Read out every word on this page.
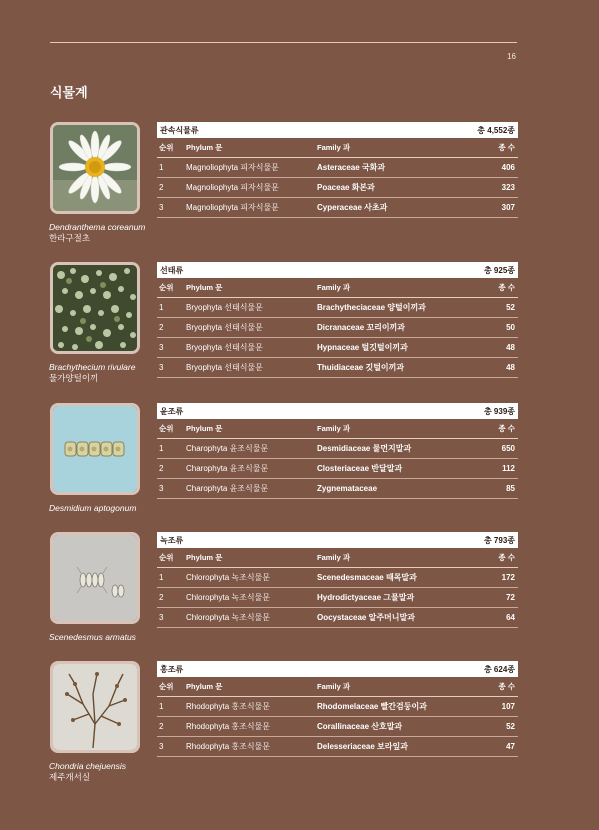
16
식물계
Dendranthema coreanum
한라구절초
관속식물류	총 4,552종
순위	Phylum 문	Family 과	종 수
1	Magnoliophyta 피자식물문	Asteraceae 국화과	406
2	Magnoliophyta 피자식물문	Poaceae 화본과	323
3	Magnoliophyta 피자식물문	Cyperaceae 사초과	307
Brachythecium rivulare
물가양털이끼
선태류	총 925종
순위	Phylum 문	Family 과	종 수
1	Bryophyta 선태식물문	Brachytheciaceae 양털이끼과	52
2	Bryophyta 선태식물문	Dicranaceae 꼬리이끼과	50
3	Bryophyta 선태식물문	Hypnaceae 털깃털이끼과	48
3	Bryophyta 선태식물문	Thuidiaceae 깃털이끼과	48
Desmidium aptogonum
윤조류	총 939종
순위	Phylum 문	Family 과	종 수
1	Charophyta 윤조식물문	Desmidiaceae 물먼지말과	650
2	Charophyta 윤조식물문	Closteriaceae 반달말과	112
3	Charophyta 윤조식물문	Zygnemataceae	85
Scenedesmus armatus
녹조류	총 793종
순위	Phylum 문	Family 과	종 수
1	Chlorophyta 녹조식물문	Scenedesmaceae 때목말과	172
2	Chlorophyta 녹조식물문	Hydrodictyaceae 그물말과	72
3	Chlorophyta 녹조식물문	Oocystaceae 알주머니말과	64
Chondria chejuensis
제주개서실
홍조류	총 624종
순위	Phylum 문	Family 과	종 수
1	Rhodophyta 홍조식물문	Rhodomelaceae 빨간검둥이과	107
2	Rhodophyta 홍조식물문	Corallinaceae 산호말과	52
3	Rhodophyta 홍조식물문	Delesseriaceae 보라잎과	47
